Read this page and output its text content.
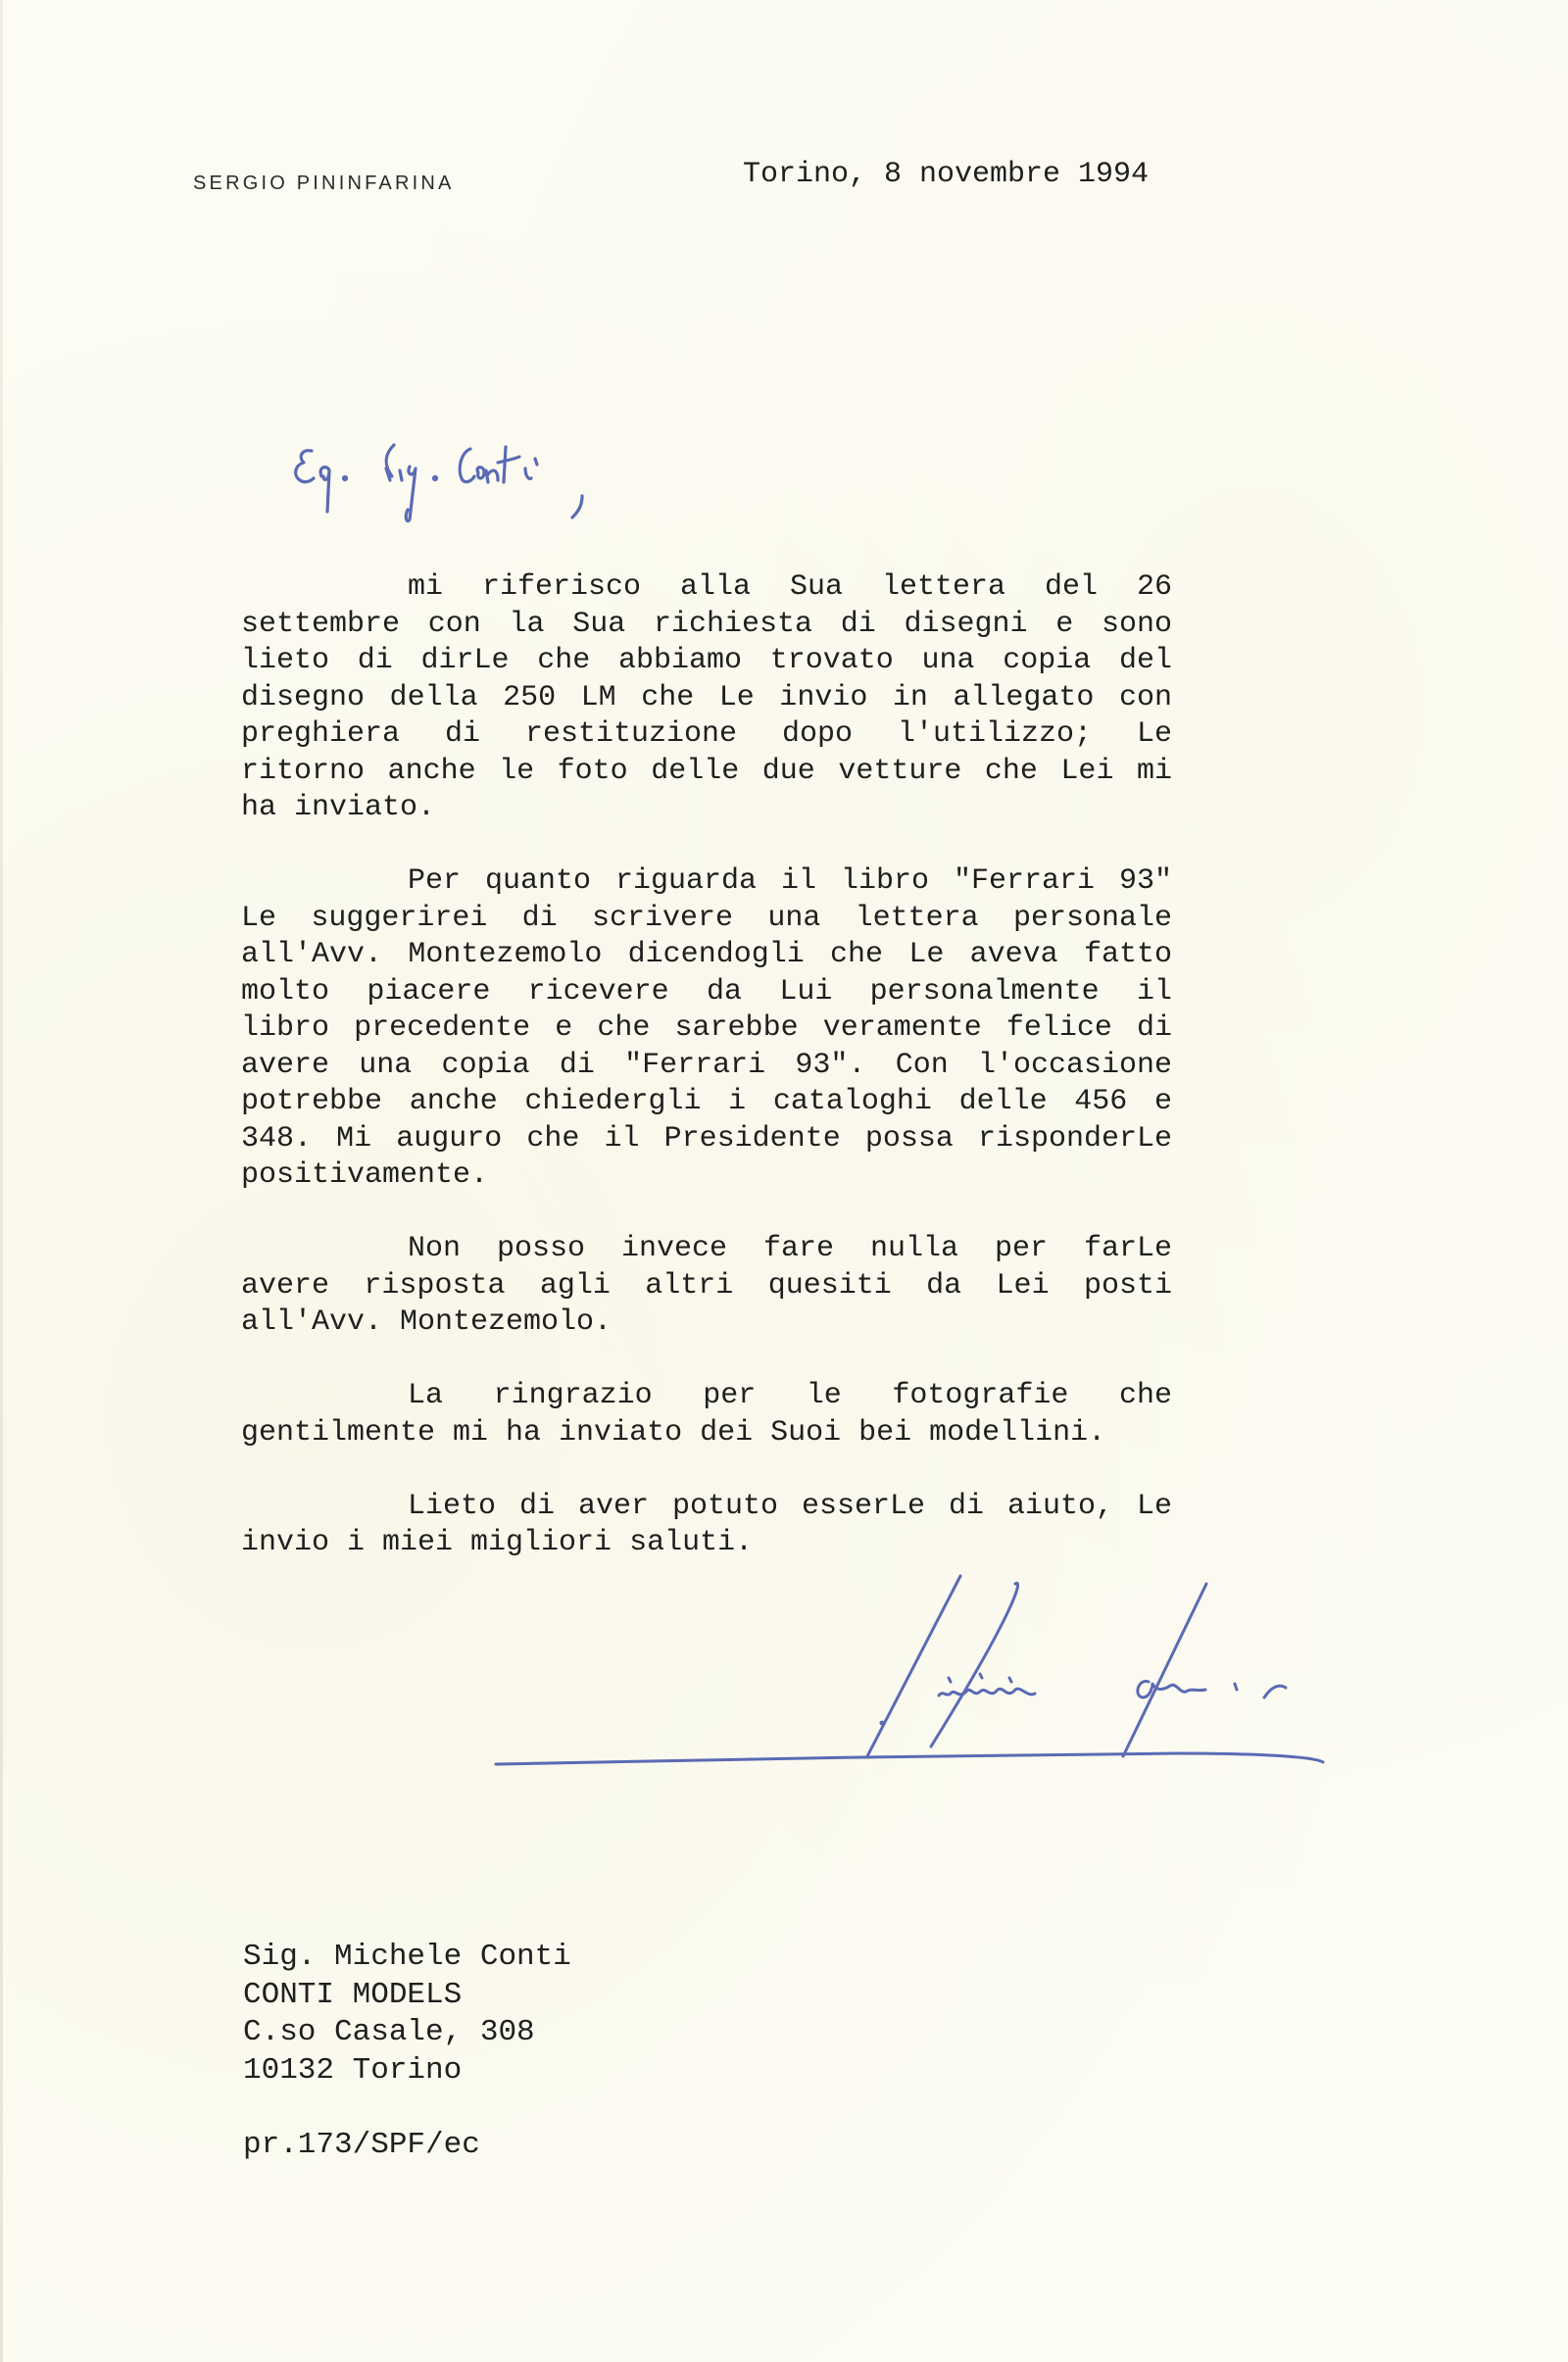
SERGIO PININFARINA	Torino, 8 novembre 1994
mi riferisco alla Sua lettera del 26
settembre con la Sua richiesta di disegni e sono
lieto di dirLe che abbiamo trovato una copia del
disegno della 250 LM che Le invio in allegato con
preghiera di restituzione dopo l'utilizzo; Le
ritorno anche le foto delle due vetture che Lei mi
ha inviato.
Per quanto riguarda il libro "Ferrari 93"
Le suggerirei di scrivere una lettera personale
all'Avv. Montezemolo dicendogli che Le aveva fatto
molto piacere ricevere da Lui personalmente il
libro precedente e che sarebbe veramente felice di
avere una copia di "Ferrari 93". Con l'occasione
potrebbe anche chiedergli i cataloghi delle 456 e
348. Mi auguro che il Presidente possa risponderLe
positivamente.
Non posso invece fare nulla per farLe
avere risposta agli altri quesiti da Lei posti
all'Avv. Montezemolo.
La ringrazio per le fotografie che
gentilmente mi ha inviato dei Suoi bei modellini.
Lieto di aver potuto esserLe di aiuto, Le
invio i miei migliori saluti.
Sig. Michele Conti
CONTI MODELS
C.so Casale, 308
10132 Torino
pr.173/SPF/ec
